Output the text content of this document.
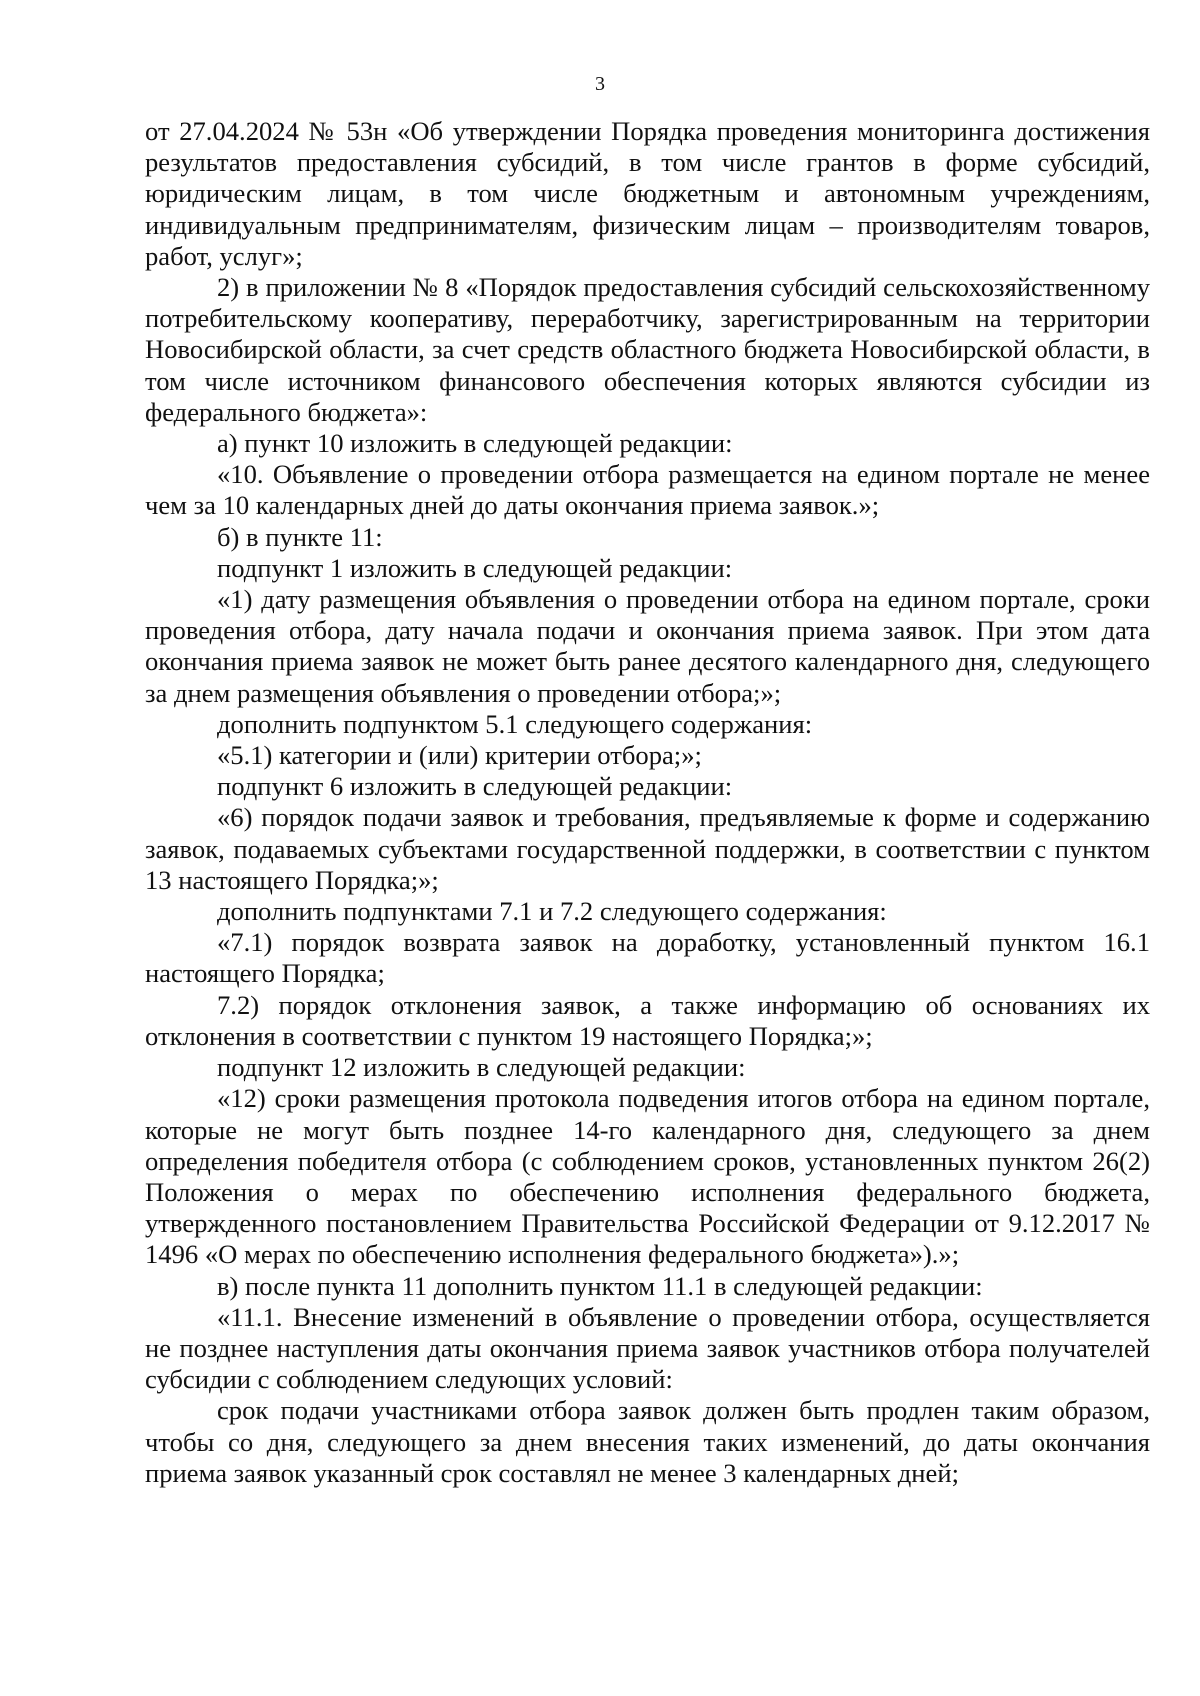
3

от 27.04.2024 № 53н «Об утверждении Порядка проведения мониторинга достижения результатов предоставления субсидий, в том числе грантов в форме субсидий, юридическим лицам, в том числе бюджетным и автономным учреждениям, индивидуальным предпринимателям, физическим лицам – производителям товаров, работ, услуг»;

2) в приложении № 8 «Порядок предоставления субсидий сельскохозяйственному потребительскому кооперативу, переработчику, зарегистрированным на территории Новосибирской области, за счет средств областного бюджета Новосибирской области, в том числе источником финансового обеспечения которых являются субсидии из федерального бюджета»:

а) пункт 10 изложить в следующей редакции:

«10. Объявление о проведении отбора размещается на едином портале не менее чем за 10 календарных дней до даты окончания приема заявок.»;

б) в пункте 11:

подпункт 1 изложить в следующей редакции:

«1) дату размещения объявления о проведении отбора на едином портале, сроки проведения отбора, дату начала подачи и окончания приема заявок. При этом дата окончания приема заявок не может быть ранее десятого календарного дня, следующего за днем размещения объявления о проведении отбора;»;

дополнить подпунктом 5.1 следующего содержания:

«5.1) категории и (или) критерии отбора;»;

подпункт 6 изложить в следующей редакции:

«6) порядок подачи заявок и требования, предъявляемые к форме и содержанию заявок, подаваемых субъектами государственной поддержки, в соответствии с пунктом 13 настоящего Порядка;»;

дополнить подпунктами 7.1 и 7.2 следующего содержания:

«7.1) порядок возврата заявок на доработку, установленный пунктом 16.1 настоящего Порядка;

7.2) порядок отклонения заявок, а также информацию об основаниях их отклонения в соответствии с пунктом 19 настоящего Порядка;»;

подпункт 12 изложить в следующей редакции:

«12) сроки размещения протокола подведения итогов отбора на едином портале, которые не могут быть позднее 14-го календарного дня, следующего за днем определения победителя отбора (с соблюдением сроков, установленных пунктом 26(2) Положения о мерах по обеспечению исполнения федерального бюджета, утвержденного постановлением Правительства Российской Федерации от 9.12.2017 № 1496 «О мерах по обеспечению исполнения федерального бюджета»).»;

в) после пункта 11 дополнить пунктом 11.1 в следующей редакции:

«11.1. Внесение изменений в объявление о проведении отбора, осуществляется не позднее наступления даты окончания приема заявок участников отбора получателей субсидии с соблюдением следующих условий:

срок подачи участниками отбора заявок должен быть продлен таким образом, чтобы со дня, следующего за днем внесения таких изменений, до даты окончания приема заявок указанный срок составлял не менее 3 календарных дней;
